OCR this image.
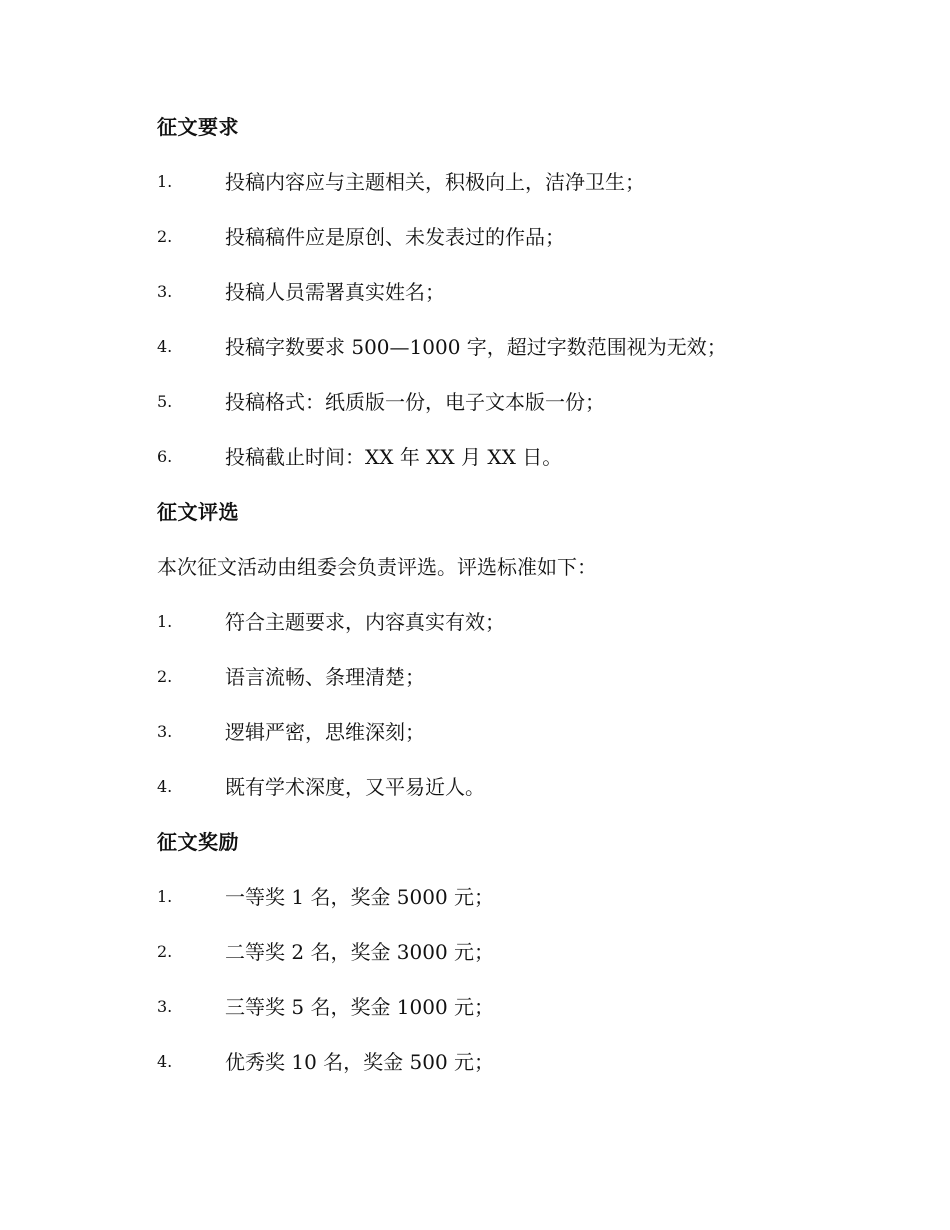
征文要求
1.	投稿内容应与主题相关，积极向上，洁净卫生；
2.	投稿稿件应是原创、未发表过的作品；
3.	投稿人员需署真实姓名；
4.	投稿字数要求 500—1000 字，超过字数范围视为无效；
5.	投稿格式：纸质版一份，电子文本版一份；
6.	投稿截止时间：XX 年 XX 月 XX 日。
征文评选
本次征文活动由组委会负责评选。评选标准如下：
1.	符合主题要求，内容真实有效；
2.	语言流畅、条理清楚；
3.	逻辑严密，思维深刻；
4.	既有学术深度，又平易近人。
征文奖励
1.	一等奖 1 名，奖金 5000 元；
2.	二等奖 2 名，奖金 3000 元；
3.	三等奖 5 名，奖金 1000 元；
4.	优秀奖 10 名，奖金 500 元；
